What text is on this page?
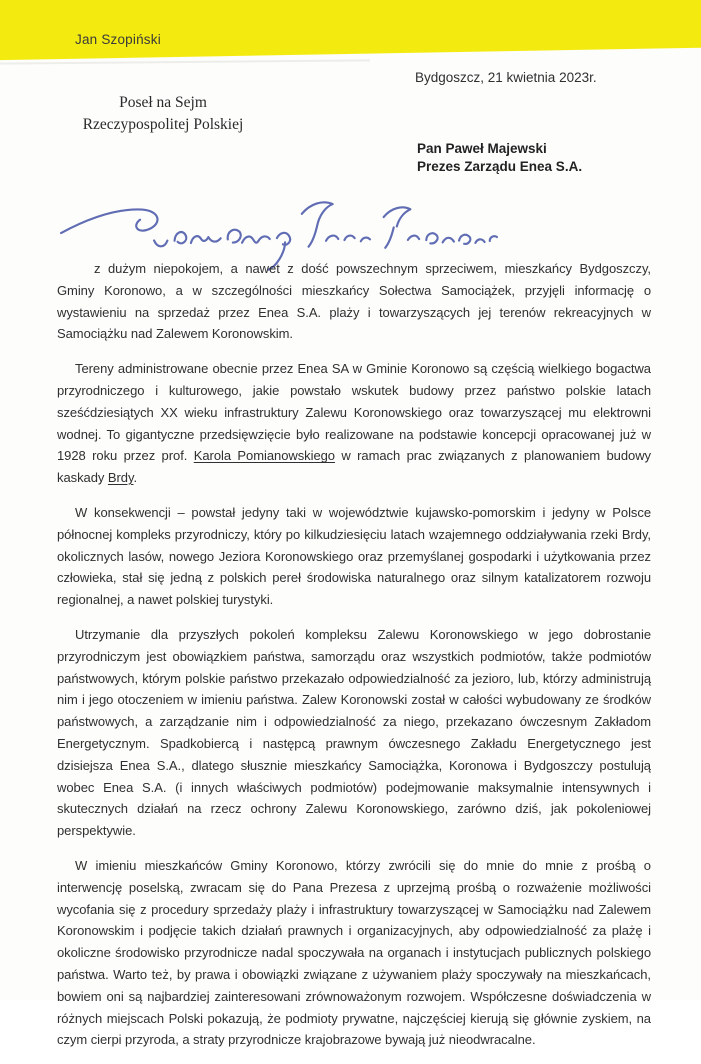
Jan Szopiński
Bydgoszcz, 21 kwietnia 2023r.
Poseł na Sejm
Rzeczypospolitej Polskiej
Pan Paweł Majewski
Prezes Zarządu Enea S.A.

z dużym niepokojem, a nawet z dość powszechnym sprzeciwem, mieszkańcy Bydgoszczy, Gminy Koronowo, a w szczególności mieszkańcy Sołectwa Samociążek, przyjęli informację o wystawieniu na sprzedaż przez Enea S.A. plaży i towarzyszących jej terenów rekreacyjnych w Samociążku nad Zalewem Koronowskim.

Tereny administrowane obecnie przez Enea SA w Gminie Koronowo są częścią wielkiego bogactwa przyrodniczego i kulturowego, jakie powstało wskutek budowy przez państwo polskie latach sześćdziesiątych XX wieku infrastruktury Zalewu Koronowskiego oraz towarzyszącej mu elektrowni wodnej. To gigantyczne przedsięwzięcie było realizowane na podstawie koncepcji opracowanej już w 1928 roku przez prof. Karola Pomianowskiego w ramach prac związanych z planowaniem budowy kaskady Brdy.

W konsekwencji – powstał jedyny taki w województwie kujawsko-pomorskim i jedyny w Polsce północnej kompleks przyrodniczy, który po kilkudziesięciu latach wzajemnego oddziaływania rzeki Brdy, okolicznych lasów, nowego Jeziora Koronowskiego oraz przemyślanej gospodarki i użytkowania przez człowieka, stał się jedną z polskich pereł środowiska naturalnego oraz silnym katalizatorem rozwoju regionalnej, a nawet polskiej turystyki.

Utrzymanie dla przyszłych pokoleń kompleksu Zalewu Koronowskiego w jego dobrostanie przyrodniczym jest obowiązkiem państwa, samorządu oraz wszystkich podmiotów, także podmiotów państwowych, którym polskie państwo przekazało odpowiedzialność za jezioro, lub, którzy administrują nim i jego otoczeniem w imieniu państwa. Zalew Koronowski został w całości wybudowany ze środków państwowych, a zarządzanie nim i odpowiedzialność za niego, przekazano ówczesnym Zakładom Energetycznym. Spadkobiercą i następcą prawnym ówczesnego Zakładu Energetycznego jest dzisiejsza Enea S.A., dlatego słusznie mieszkańcy Samociążka, Koronowa i Bydgoszczy postulują wobec Enea S.A. (i innych właściwych podmiotów) podejmowanie maksymalnie intensywnych i skutecznych działań na rzecz ochrony Zalewu Koronowskiego, zarówno dziś, jak pokoleniowej perspektywie.

W imieniu mieszkańców Gminy Koronowo, którzy zwrócili się do mnie do mnie z prośbą o interwencję poselską, zwracam się do Pana Prezesa z uprzejmą prośbą o rozważenie możliwości wycofania się z procedury sprzedaży plaży i infrastruktury towarzyszącej w Samociążku nad Zalewem Koronowskim i podjęcie takich działań prawnych i organizacyjnych, aby odpowiedzialność za plażę i okoliczne środowisko przyrodnicze nadal spoczywała na organach i instytucjach publicznych polskiego państwa. Warto też, by prawa i obowiązki związane z używaniem plaży spoczywały na mieszkańcach, bowiem oni są najbardziej zainteresowani zrównoważonym rozwojem. Współczesne doświadczenia w różnych miejscach Polski pokazują, że podmioty prywatne, najczęściej kierują się głównie zyskiem, na czym cierpi przyroda, a straty przyrodnicze krajobrazowe bywają już nieodwracalne.
